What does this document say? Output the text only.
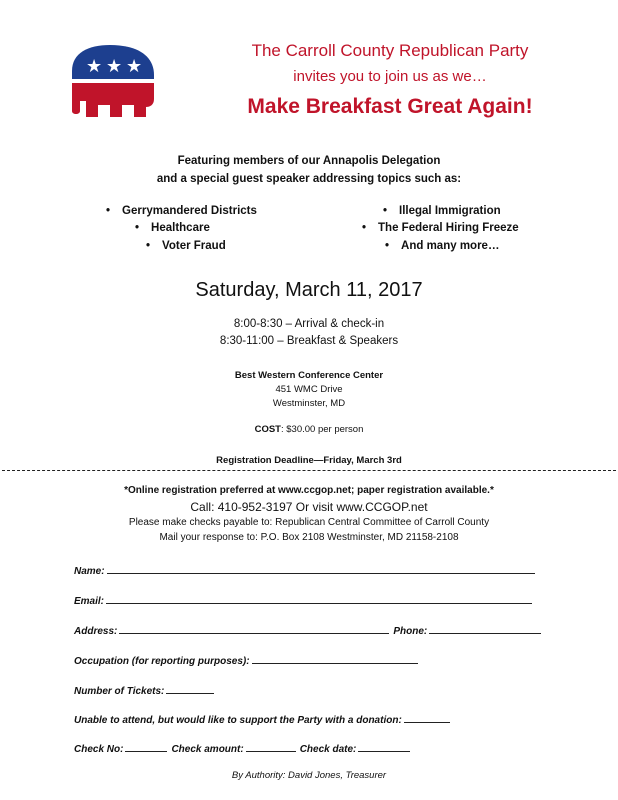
★ ★ ★
The Carroll County Republican Party
invites you to join us as we…
Make Breakfast Great Again!
Featuring members of our Annapolis Delegation
and a special guest speaker addressing topics such as:
• Gerrymandered Districts
• Healthcare
• Voter Fraud
• Illegal Immigration
• The Federal Hiring Freeze
• And many more…
Saturday, March 11, 2017
8:00-8:30 – Arrival & check-in
8:30-11:00 – Breakfast & Speakers
Best Western Conference Center
451 WMC Drive
Westminster, MD
COST: $30.00 per person
Registration Deadline—Friday, March 3rd
*Online registration preferred at www.ccgop.net; paper registration available.*
Call: 410-952-3197 Or visit www.CCGOP.net
Please make checks payable to: Republican Central Committee of Carroll County
Mail your response to: P.O. Box 2108 Westminster, MD 21158-2108
Name:
Email:
Address:	Phone:
Occupation (for reporting purposes):
Number of Tickets:
Unable to attend, but would like to support the Party with a donation:
Check No:	Check amount:	Check date:
By Authority: David Jones, Treasurer
